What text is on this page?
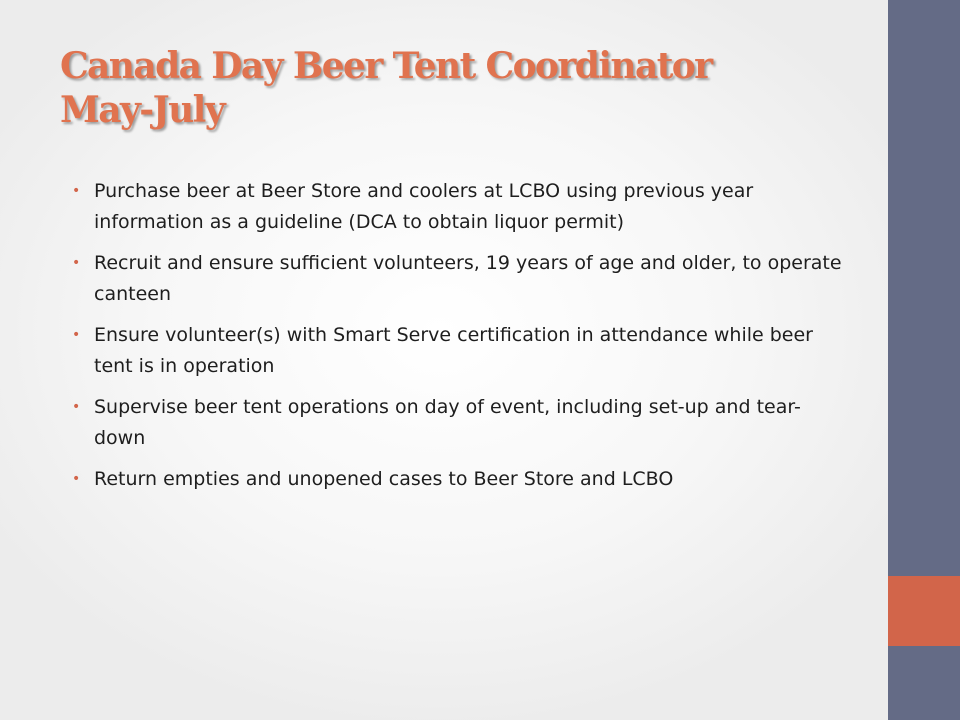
Canada Day Beer Tent Coordinator
May-July
• Purchase beer at Beer Store and coolers at LCBO using previous year information as a guideline (DCA to obtain liquor permit)
• Recruit and ensure sufficient volunteers, 19 years of age and older, to operate canteen
• Ensure volunteer(s) with Smart Serve certification in attendance while beer tent is in operation
• Supervise beer tent operations on day of event, including set-up and tear-down
• Return empties and unopened cases to Beer Store and LCBO
